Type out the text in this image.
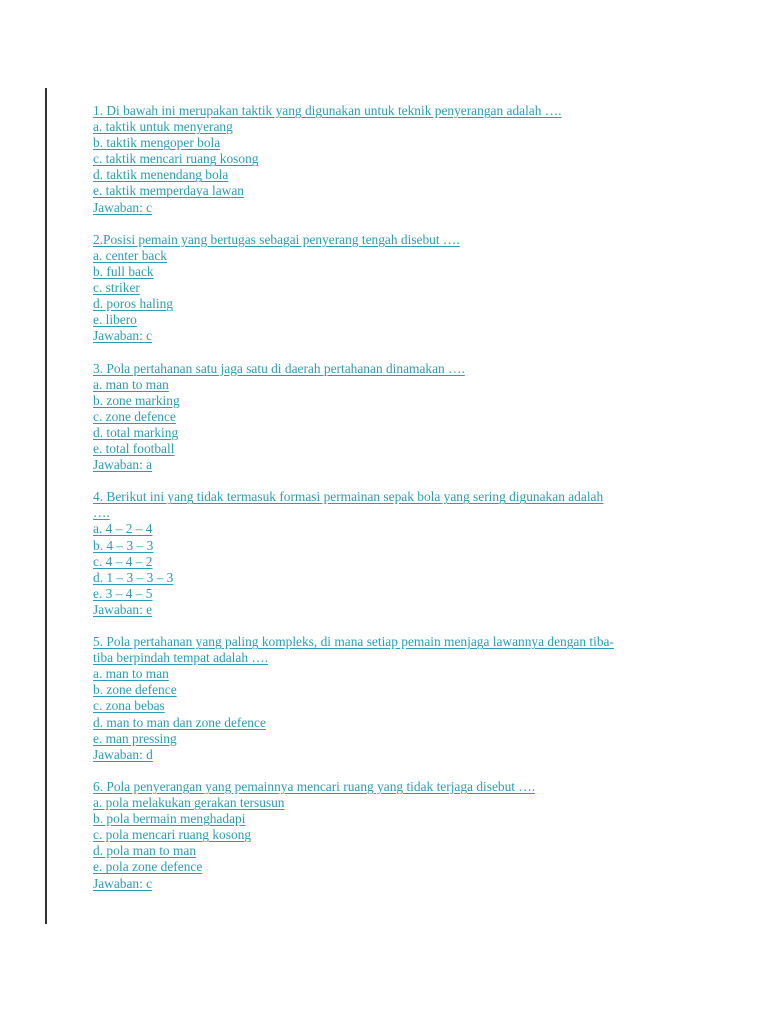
1. Di bawah ini merupakan taktik yang digunakan untuk teknik penyerangan adalah ….
a. taktik untuk menyerang
b. taktik mengoper bola
c. taktik mencari ruang kosong
d. taktik menendang bola
e. taktik memperdaya lawan
Jawaban: c
2.Posisi pemain yang bertugas sebagai penyerang tengah disebut ….
a. center back
b. full back
c. striker
d. poros haling
e. libero
Jawaban: c
3. Pola pertahanan satu jaga satu di daerah pertahanan dinamakan ….
a. man to man
b. zone marking
c. zone defence
d. total marking
e. total football
Jawaban: a
4. Berikut ini yang tidak termasuk formasi permainan sepak bola yang sering digunakan adalah
….
a. 4 – 2 – 4
b. 4 – 3 – 3
c. 4 – 4 – 2
d. 1 – 3 – 3 – 3
e. 3 – 4 – 5
Jawaban: e
5. Pola pertahanan yang paling kompleks, di mana setiap pemain menjaga lawannya dengan tiba-
tiba berpindah tempat adalah ….
a. man to man
b. zone defence
c. zona bebas
d. man to man dan zone defence
e. man pressing
Jawaban: d
6. Pola penyerangan yang pemainnya mencari ruang yang tidak terjaga disebut ….
a. pola melakukan gerakan tersusun
b. pola bermain menghadapi
c. pola mencari ruang kosong
d. pola man to man
e. pola zone defence
Jawaban: c
